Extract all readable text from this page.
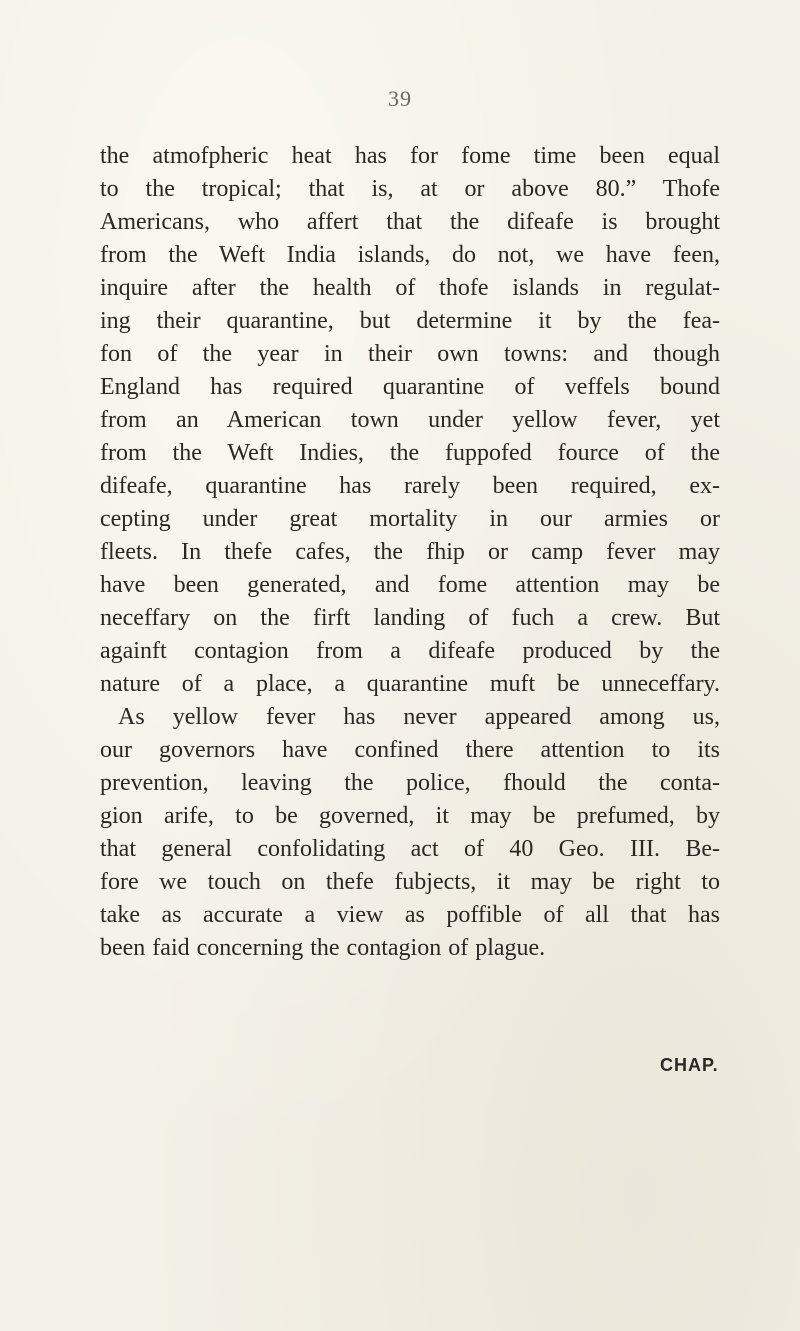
39
the atmofpheric heat has for fome time been equal
to the tropical; that is, at or above 80.” Thofe
Americans, who affert that the difeafe is brought
from the Weft India islands, do not, we have feen,
inquire after the health of thofe islands in regulat-
ing their quarantine, but determine it by the fea-
fon of the year in their own towns: and though
England has required quarantine of veffels bound
from an American town under yellow fever, yet
from the Weft Indies, the fuppofed fource of the
difeafe, quarantine has rarely been required, ex-
cepting under great mortality in our armies or
fleets. In thefe cafes, the fhip or camp fever may
have been generated, and fome attention may be
neceffary on the firft landing of fuch a crew. But
againft contagion from a difeafe produced by the
nature of a place, a quarantine muft be unneceffary.
As yellow fever has never appeared among us,
our governors have confined there attention to its
prevention, leaving the police, fhould the conta-
gion arife, to be governed, it may be prefumed, by
that general confolidating act of 40 Geo. III. Be-
fore we touch on thefe fubjects, it may be right to
take as accurate a view as poffible of all that has
been faid concerning the contagion of plague.
CHAP.
